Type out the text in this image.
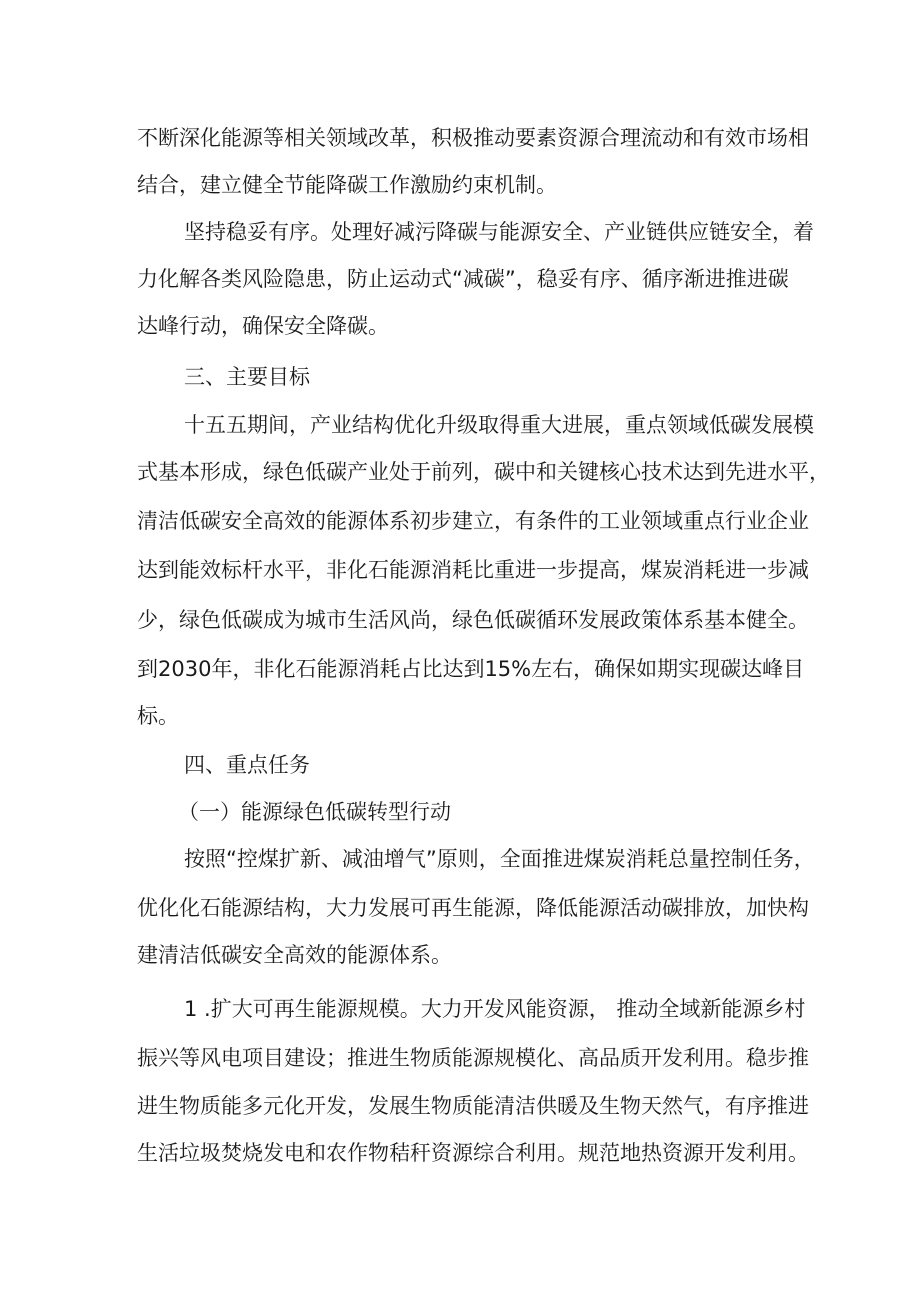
不断深化能源等相关领域改革，积极推动要素资源合理流动和有效市场相
结合，建立健全节能降碳工作激励约束机制。
坚持稳妥有序。处理好减污降碳与能源安全、产业链供应链安全，着
力化解各类风险隐患，防止运动式“减碳”，稳妥有序、循序渐进推进碳
达峰行动，确保安全降碳。
三、主要目标
十五五期间，产业结构优化升级取得重大进展，重点领域低碳发展模
式基本形成，绿色低碳产业处于前列，碳中和关键核心技术达到先进水平，
清洁低碳安全高效的能源体系初步建立，有条件的工业领域重点行业企业
达到能效标杆水平，非化石能源消耗比重进一步提高，煤炭消耗进一步减
少，绿色低碳成为城市生活风尚，绿色低碳循环发展政策体系基本健全。
到2030年，非化石能源消耗占比达到15%左右，确保如期实现碳达峰目
标。
四、重点任务
（一）能源绿色低碳转型行动
按照“控煤扩新、减油增气”原则，全面推进煤炭消耗总量控制任务，
优化化石能源结构，大力发展可再生能源，降低能源活动碳排放，加快构
建清洁低碳安全高效的能源体系。
1 .扩大可再生能源规模。大力开发风能资源， 推动全域新能源乡村
振兴等风电项目建设；推进生物质能源规模化、高品质开发利用。稳步推
进生物质能多元化开发，发展生物质能清洁供暖及生物天然气，有序推进
生活垃圾焚烧发电和农作物秸秆资源综合利用。规范地热资源开发利用。
